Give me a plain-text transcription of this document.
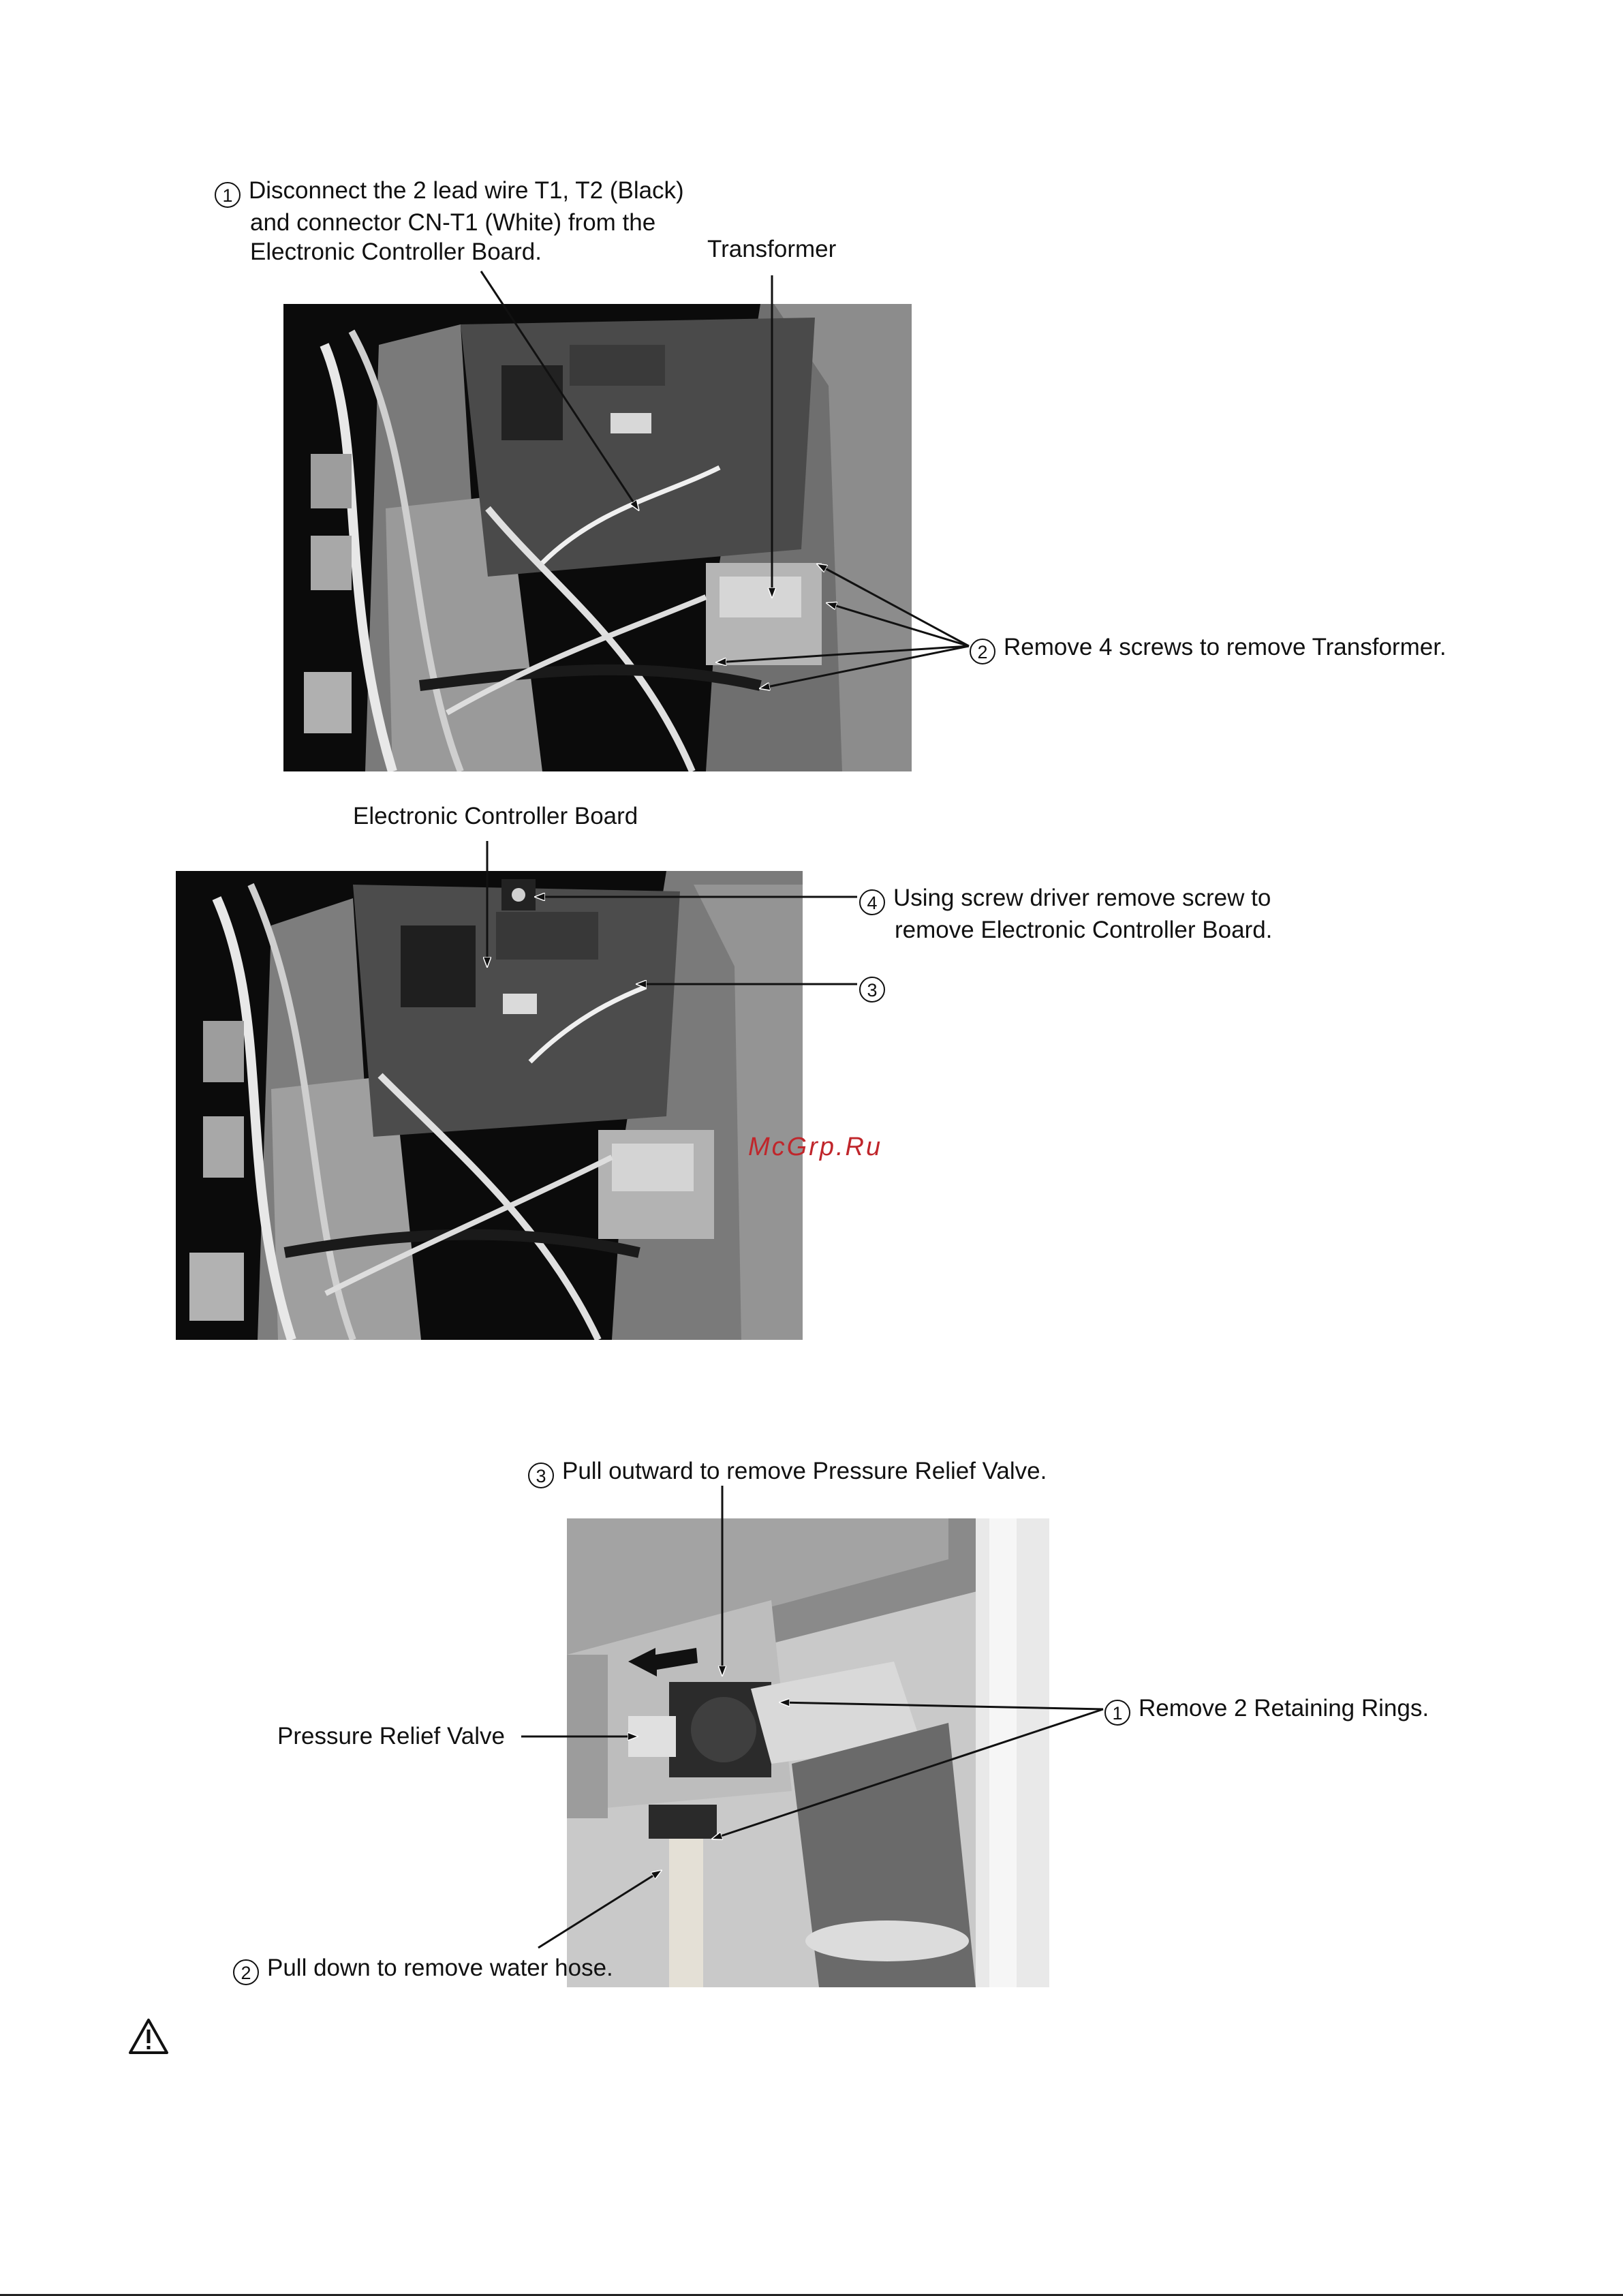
1 Disconnect the 2 lead wire T1, T2 (Black)
and connector CN-T1 (White) from the
Electronic Controller Board.	Transformer
2 Remove 4 screws to remove Transformer.
Electronic Controller Board
4 Using screw driver remove screw to
remove Electronic Controller Board.
3
McGrp.Ru
3 Pull outward to remove Pressure Relief Valve.
1 Remove 2 Retaining Rings.
Pressure Relief Valve
2 Pull down to remove water hose.
